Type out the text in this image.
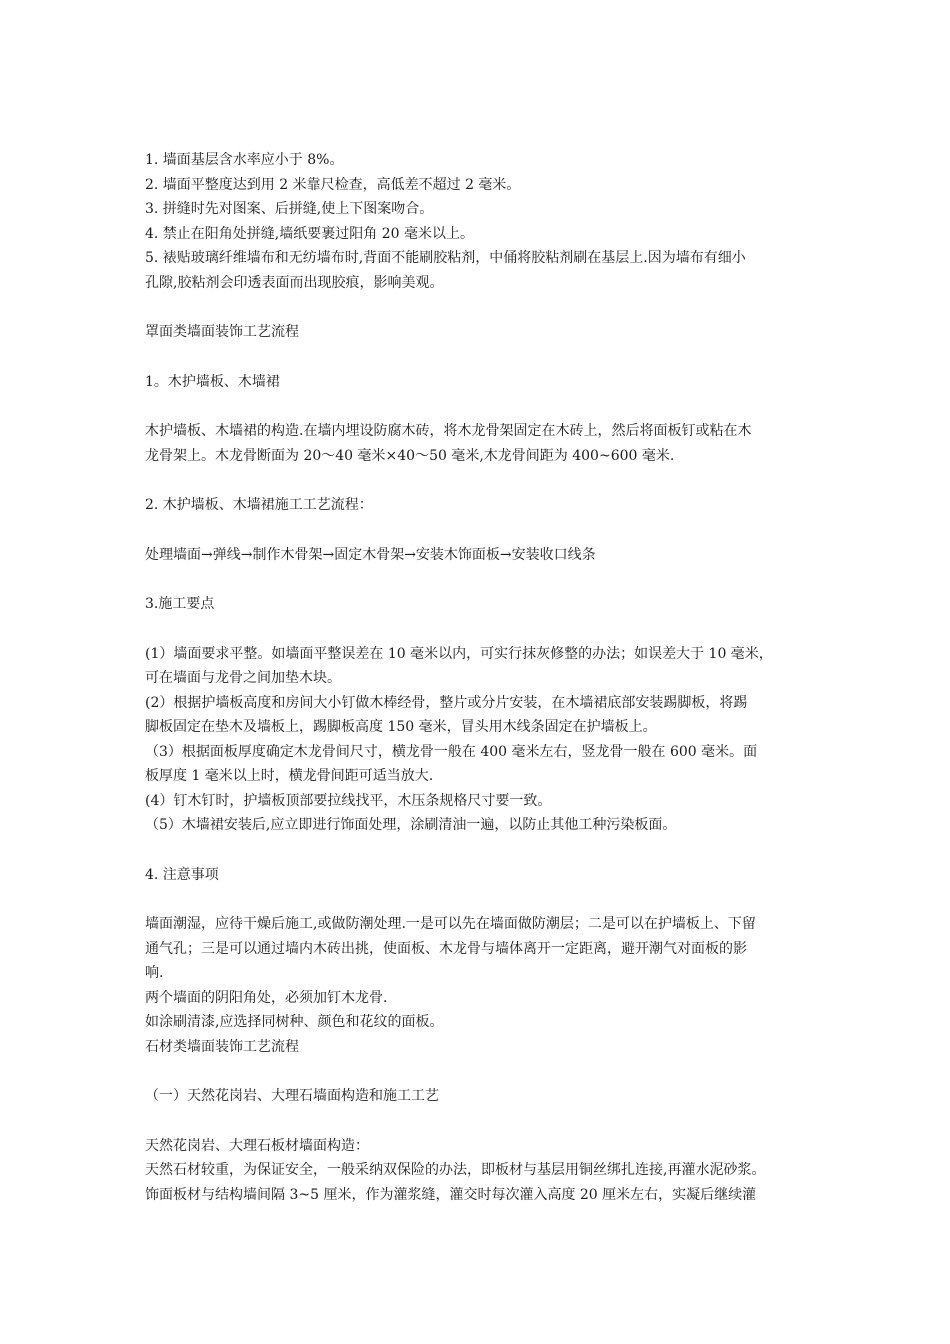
1. 墙面基层含水率应小于 8%。

2. 墙面平整度达到用 2 米靠尺检查，高低差不超过 2 毫米。

3. 拼缝时先对图案、后拼缝,使上下图案吻合。

4. 禁止在阳角处拼缝,墙纸要裹过阳角 20 毫米以上。

5. 裱贴玻璃纤维墙布和无纺墙布时,背面不能刷胶粘剂，中俑将胶粘剂刷在基层上.因为墙布有细小

孔隙,胶粘剂会印透表面而出现胶痕，影响美观。

罩面类墙面装饰工艺流程

1。木护墙板、木墙裙

木护墙板、木墙裙的构造.在墙内埋设防腐木砖，将木龙骨架固定在木砖上，然后将面板钉或粘在木

龙骨架上。木龙骨断面为 20～40 毫米×40～50 毫米,木龙骨间距为 400~600 毫米.

2. 木护墙板、木墙裙施工工艺流程：

处理墙面→弹线→制作木骨架→固定木骨架→安装木饰面板→安装收口线条

3.施工要点

(1）墙面要求平整。如墙面平整误差在 10 毫米以内，可实行抹灰修整的办法；如误差大于 10 毫米，

可在墙面与龙骨之间加垫木块。

(2）根据护墙板高度和房间大小钉做木棒经骨，整片或分片安装，在木墙裙底部安装踢脚板，将踢

脚板固定在垫木及墙板上，踢脚板高度 150 毫米，冒头用木线条固定在护墙板上。

（3）根据面板厚度确定木龙骨间尺寸，横龙骨一般在 400 毫米左右，竖龙骨一般在 600 毫米。面

板厚度 1 毫米以上时，横龙骨间距可适当放大.

(4）钉木钉时，护墙板顶部要拉线找平，木压条规格尺寸要一致。

（5）木墙裙安装后,应立即进行饰面处理，涂刷清油一遍，以防止其他工种污染板面。

4. 注意事项

墙面潮湿，应待干燥后施工,或做防潮处理.一是可以先在墙面做防潮层；二是可以在护墙板上、下留

通气孔；三是可以通过墙内木砖出挑，使面板、木龙骨与墙体离开一定距离，避开潮气对面板的影

响.

两个墙面的阴阳角处，必须加钉木龙骨.

如涂刷清漆,应选择同树种、颜色和花纹的面板。

石材类墙面装饰工艺流程

（一）天然花岗岩、大理石墙面构造和施工工艺

天然花岗岩、大理石板材墙面构造：

天然石材较重，为保证安全，一般采纳双保险的办法，即板材与基层用铜丝绑扎连接,再灌水泥砂浆。

饰面板材与结构墙间隔 3~5 厘米，作为灌浆缝，灌交时每次灌入高度 20 厘米左右，实凝后继续灌
